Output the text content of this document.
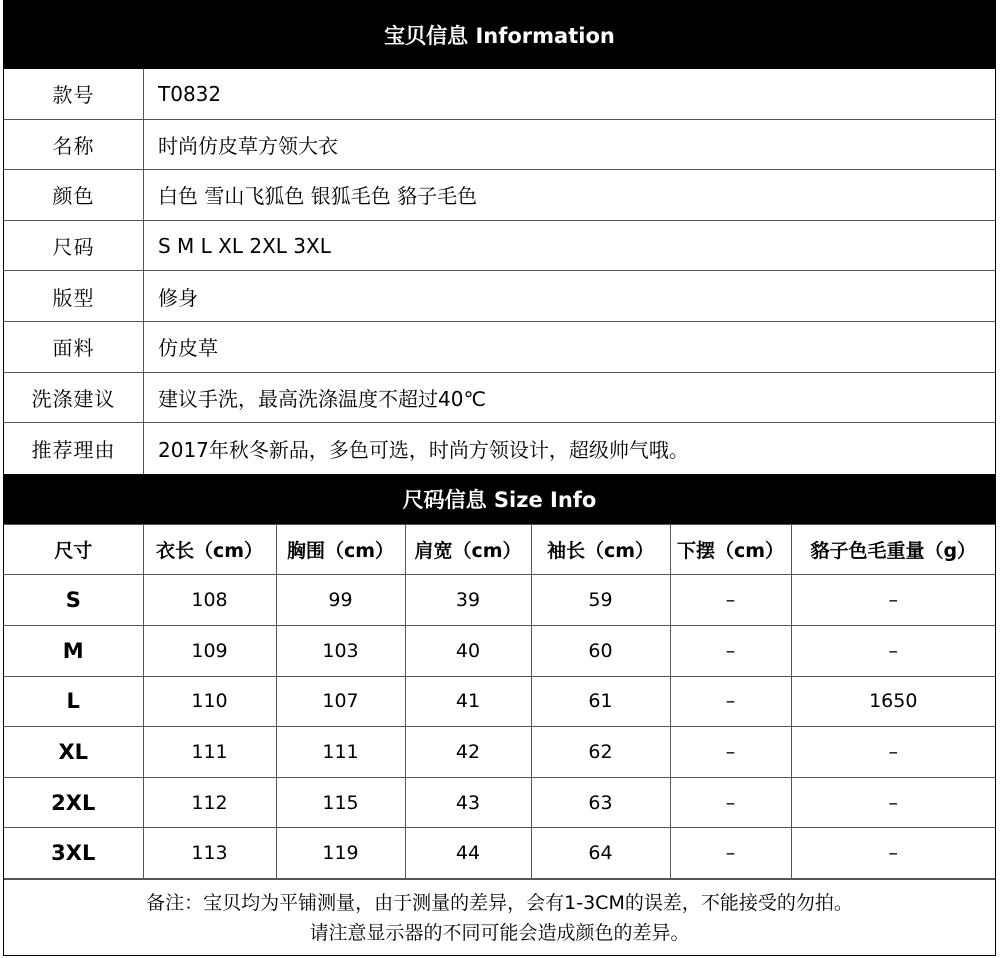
宝贝信息 Information
款号	T0832
名称	时尚仿皮草方领大衣
颜色	白色 雪山飞狐色 银狐毛色 貉子毛色
尺码	S M L XL 2XL 3XL
版型	修身
面料	仿皮草
洗涤建议	建议手洗，最高洗涤温度不超过40℃
推荐理由	2017年秋冬新品，多色可选，时尚方领设计，超级帅气哦。
尺码信息 Size Info
尺寸	衣长（cm）	胸围（cm）	肩宽（cm）	袖长（cm）	下摆（cm）	貉子色毛重量（g）
S	108	99	39	59	–	–
M	109	103	40	60	–	–
L	110	107	41	61	–	1650
XL	111	111	42	62	–	–
2XL	112	115	43	63	–	–
3XL	113	119	44	64	–	–
备注：宝贝均为平铺测量，由于测量的差异，会有1-3CM的误差，不能接受的勿拍。
请注意显示器的不同可能会造成颜色的差异。
